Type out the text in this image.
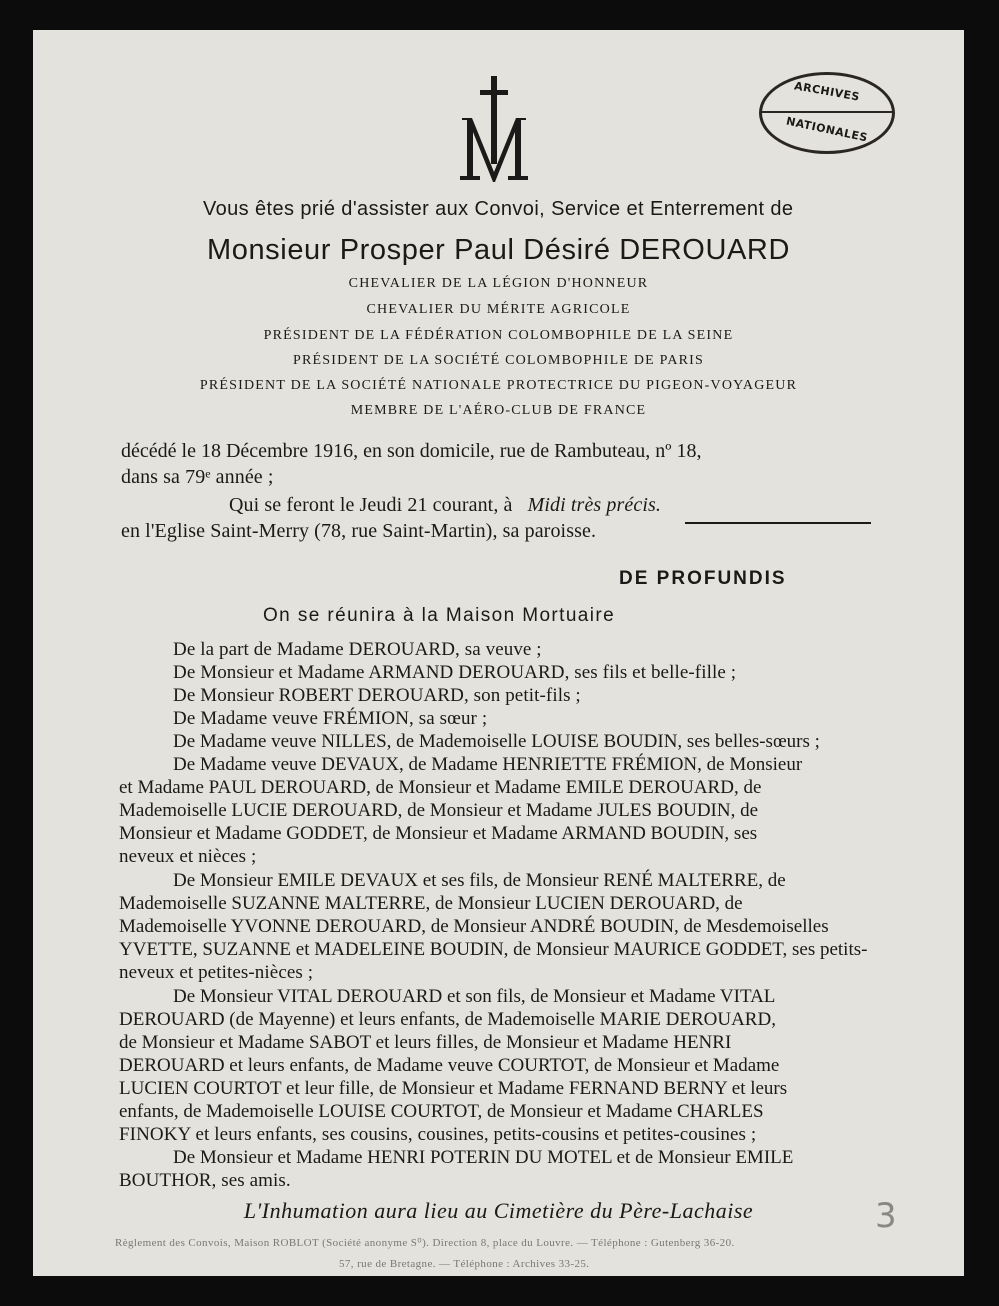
ARCHIVES
NATIONALES
Vous êtes prié d'assister aux Convoi, Service et Enterrement de
Monsieur Prosper Paul Désiré DEROUARD
CHEVALIER DE LA LÉGION D'HONNEUR
CHEVALIER DU MÉRITE AGRICOLE
PRÉSIDENT DE LA FÉDÉRATION COLOMBOPHILE DE LA SEINE
PRÉSIDENT DE LA SOCIÉTÉ COLOMBOPHILE DE PARIS
PRÉSIDENT DE LA SOCIÉTÉ NATIONALE PROTECTRICE DU PIGEON-VOYAGEUR
MEMBRE DE L'AÉRO-CLUB DE FRANCE
décédé le 18 Décembre 1916, en son domicile, rue de Rambuteau, nº 18,
dans sa 79ᵉ année ;
Qui se feront le Jeudi 21 courant, à Midi très précis.
en l'Eglise Saint-Merry (78, rue Saint-Martin), sa paroisse.
DE PROFUNDIS
On se réunira à la Maison Mortuaire
De la part de Madame DEROUARD, sa veuve ;
De Monsieur et Madame ARMAND DEROUARD, ses fils et belle-fille ;
De Monsieur ROBERT DEROUARD, son petit-fils ;
De Madame veuve FRÉMION, sa sœur ;
De Madame veuve NILLES, de Mademoiselle LOUISE BOUDIN, ses belles-sœurs ;
De Madame veuve DEVAUX, de Madame HENRIETTE FRÉMION, de Monsieur
et Madame PAUL DEROUARD, de Monsieur et Madame EMILE DEROUARD, de
Mademoiselle LUCIE DEROUARD, de Monsieur et Madame JULES BOUDIN, de
Monsieur et Madame GODDET, de Monsieur et Madame ARMAND BOUDIN, ses
neveux et nièces ;
De Monsieur EMILE DEVAUX et ses fils, de Monsieur RENÉ MALTERRE, de
Mademoiselle SUZANNE MALTERRE, de Monsieur LUCIEN DEROUARD, de
Mademoiselle YVONNE DEROUARD, de Monsieur ANDRÉ BOUDIN, de Mesdemoiselles
YVETTE, SUZANNE et MADELEINE BOUDIN, de Monsieur MAURICE GODDET, ses petits-
neveux et petites-nièces ;
De Monsieur VITAL DEROUARD et son fils, de Monsieur et Madame VITAL
DEROUARD (de Mayenne) et leurs enfants, de Mademoiselle MARIE DEROUARD,
de Monsieur et Madame SABOT et leurs filles, de Monsieur et Madame HENRI
DEROUARD et leurs enfants, de Madame veuve COURTOT, de Monsieur et Madame
LUCIEN COURTOT et leur fille, de Monsieur et Madame FERNAND BERNY et leurs
enfants, de Mademoiselle LOUISE COURTOT, de Monsieur et Madame CHARLES
FINOKY et leurs enfants, ses cousins, cousines, petits-cousins et petites-cousines ;
De Monsieur et Madame HENRI POTERIN DU MOTEL et de Monsieur EMILE
BOUTHOR, ses amis.
L'Inhumation aura lieu au Cimetière du Père-Lachaise
Règlement des Convois, Maison ROBLOT (Société anonyme S⁰). Direction 8, place du Louvre. — Téléphone : Gutenberg 36-20.
57, rue de Bretagne. — Téléphone : Archives 33-25.
3
